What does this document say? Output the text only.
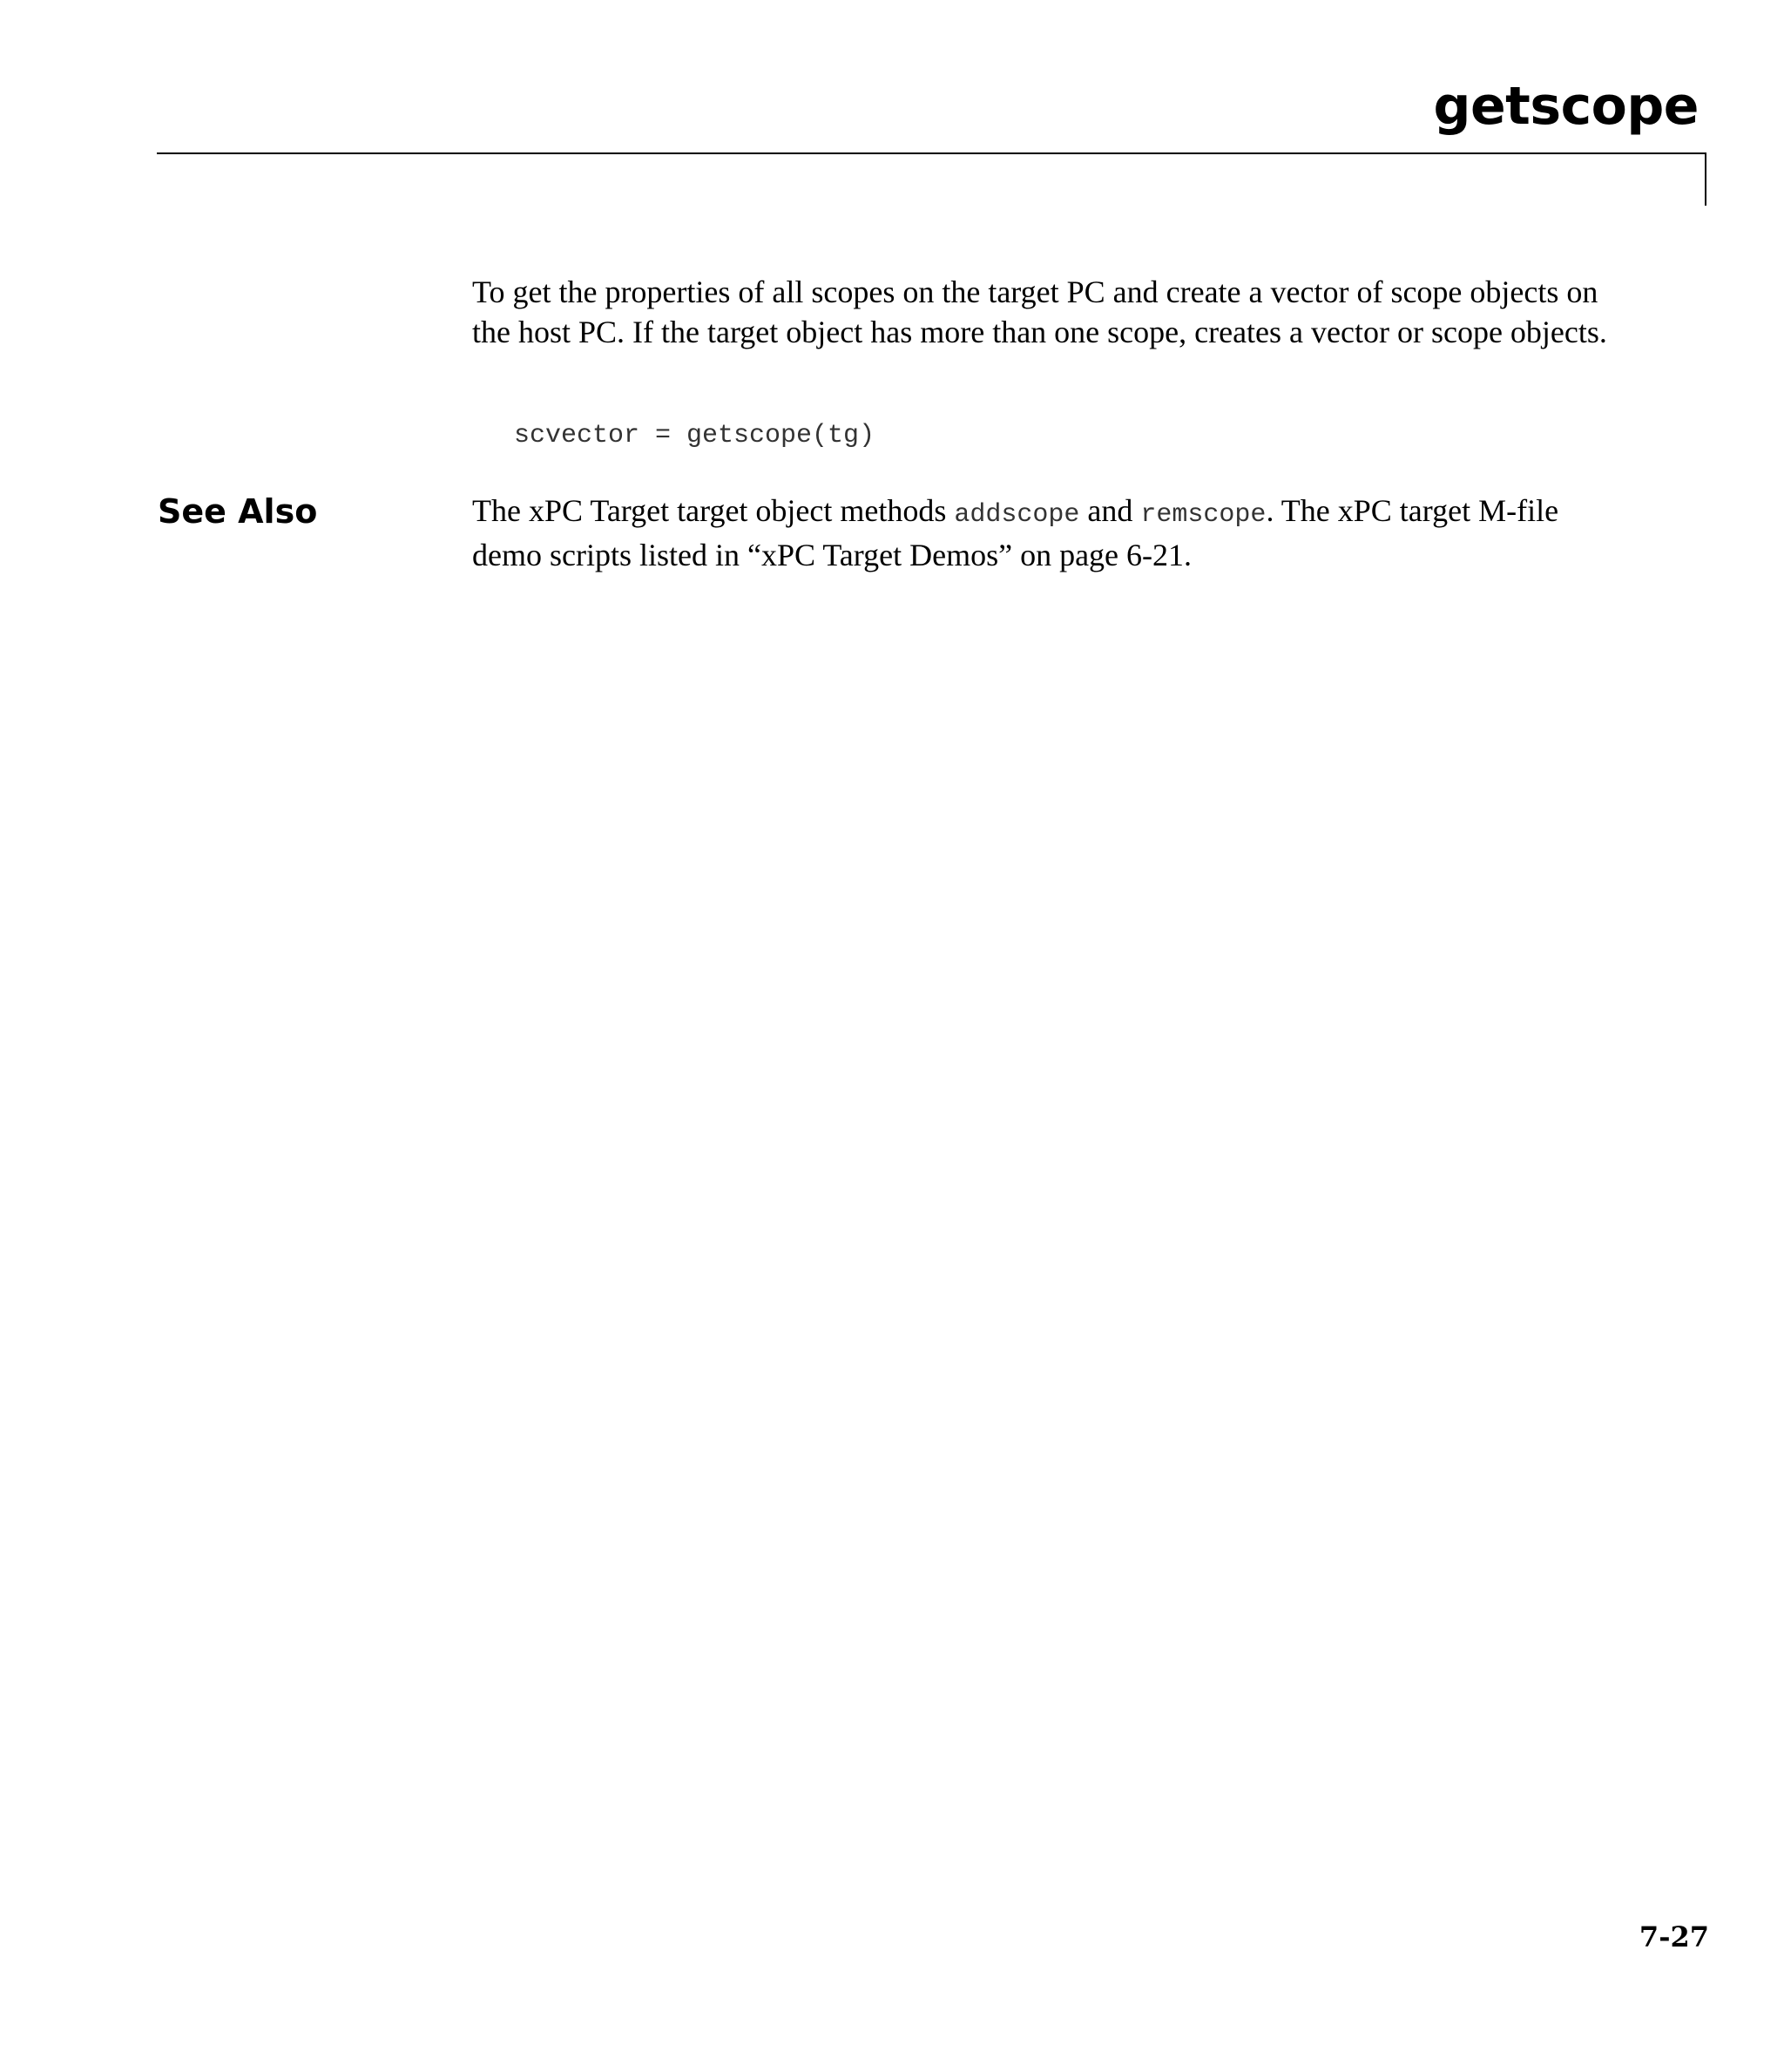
getscope

To get the properties of all scopes on the target PC and create a vector of scope objects on the host PC. If the target object has more than one scope, creates a vector or scope objects.

scvector = getscope(tg)
See Also	The xPC Target target object methods addscope and remscope. The xPC target M-file demo scripts listed in “xPC Target Demos” on page 6-21.

7-27
